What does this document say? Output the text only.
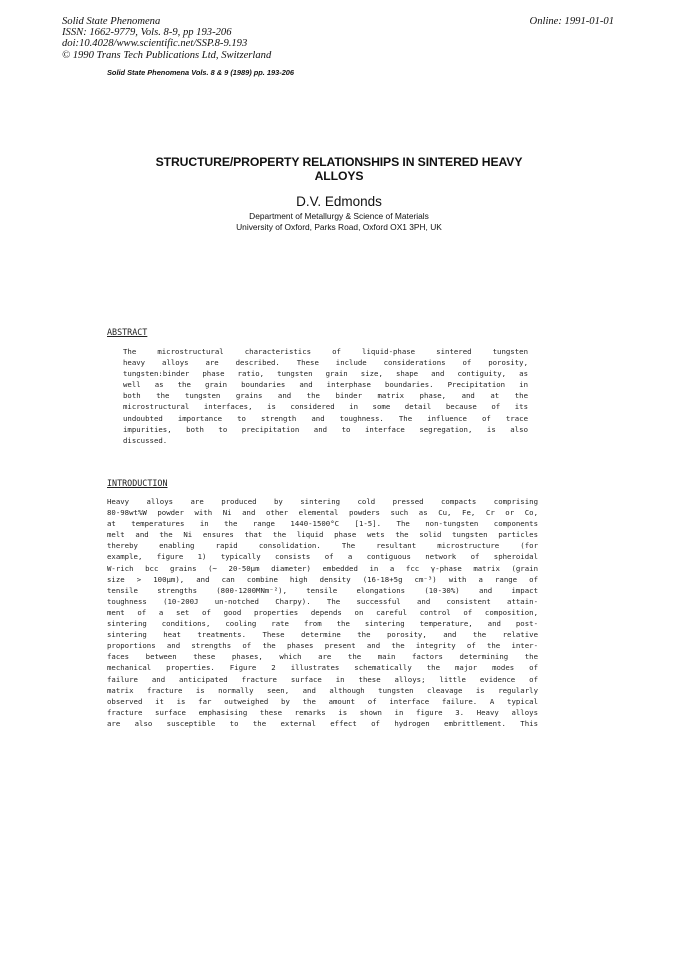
Solid State Phenomena
ISSN: 1662-9779, Vols. 8-9, pp 193-206
doi:10.4028/www.scientific.net/SSP.8-9.193
© 1990 Trans Tech Publications Ltd, Switzerland
Online: 1991-01-01
Solid State Phenomena Vols. 8 & 9 (1989) pp. 193-206
STRUCTURE/PROPERTY RELATIONSHIPS IN SINTERED HEAVY
ALLOYS
D.V. Edmonds
Department of Metallurgy & Science of Materials
University of Oxford, Parks Road, Oxford OX1 3PH, UK
ABSTRACT
The microstructural characteristics of liquid-phase sintered tungsten
heavy alloys are described. These include considerations of porosity,
tungsten:binder phase ratio, tungsten grain size, shape and contiguity, as
well as the grain boundaries and interphase boundaries. Precipitation in
both the tungsten grains and the binder matrix phase, and at the
microstructural interfaces, is considered in some detail because of its
undoubted importance to strength and toughness. The influence of trace
impurities, both to precipitation and to interface segregation, is also
discussed.
INTRODUCTION
Heavy alloys are produced by sintering cold pressed compacts comprising
80-98wt%W powder with Ni and other elemental powders such as Cu, Fe, Cr or Co,
at temperatures in the range 1440-1500°C [1-5]. The non-tungsten components
melt and the Ni ensures that the liquid phase wets the solid tungsten particles
thereby enabling rapid consolidation. The resultant microstructure (for
example, figure 1) typically consists of a contiguous network of spheroidal
W-rich bcc grains (~ 20-50μm diameter) embedded in a fcc γ-phase matrix (grain
size > 100μm), and can combine high density (16-18+5g cm⁻³) with a range of
tensile strengths (800-1200MNm⁻²), tensile elongations (10-30%) and impact
toughness (10-200J un-notched Charpy). The successful and consistent attain-
ment of a set of good properties depends on careful control of composition,
sintering conditions, cooling rate from the sintering temperature, and post-
sintering heat treatments. These determine the porosity, and the relative
proportions and strengths of the phases present and the integrity of the inter-
faces between these phases, which are the main factors determining the
mechanical properties. Figure 2 illustrates schematically the major modes of
failure and anticipated fracture surface in these alloys; little evidence of
matrix fracture is normally seen, and although tungsten cleavage is regularly
observed it is far outweighed by the amount of interface failure. A typical
fracture surface emphasising these remarks is shown in figure 3. Heavy alloys
are also susceptible to the external effect of hydrogen embrittlement. This
